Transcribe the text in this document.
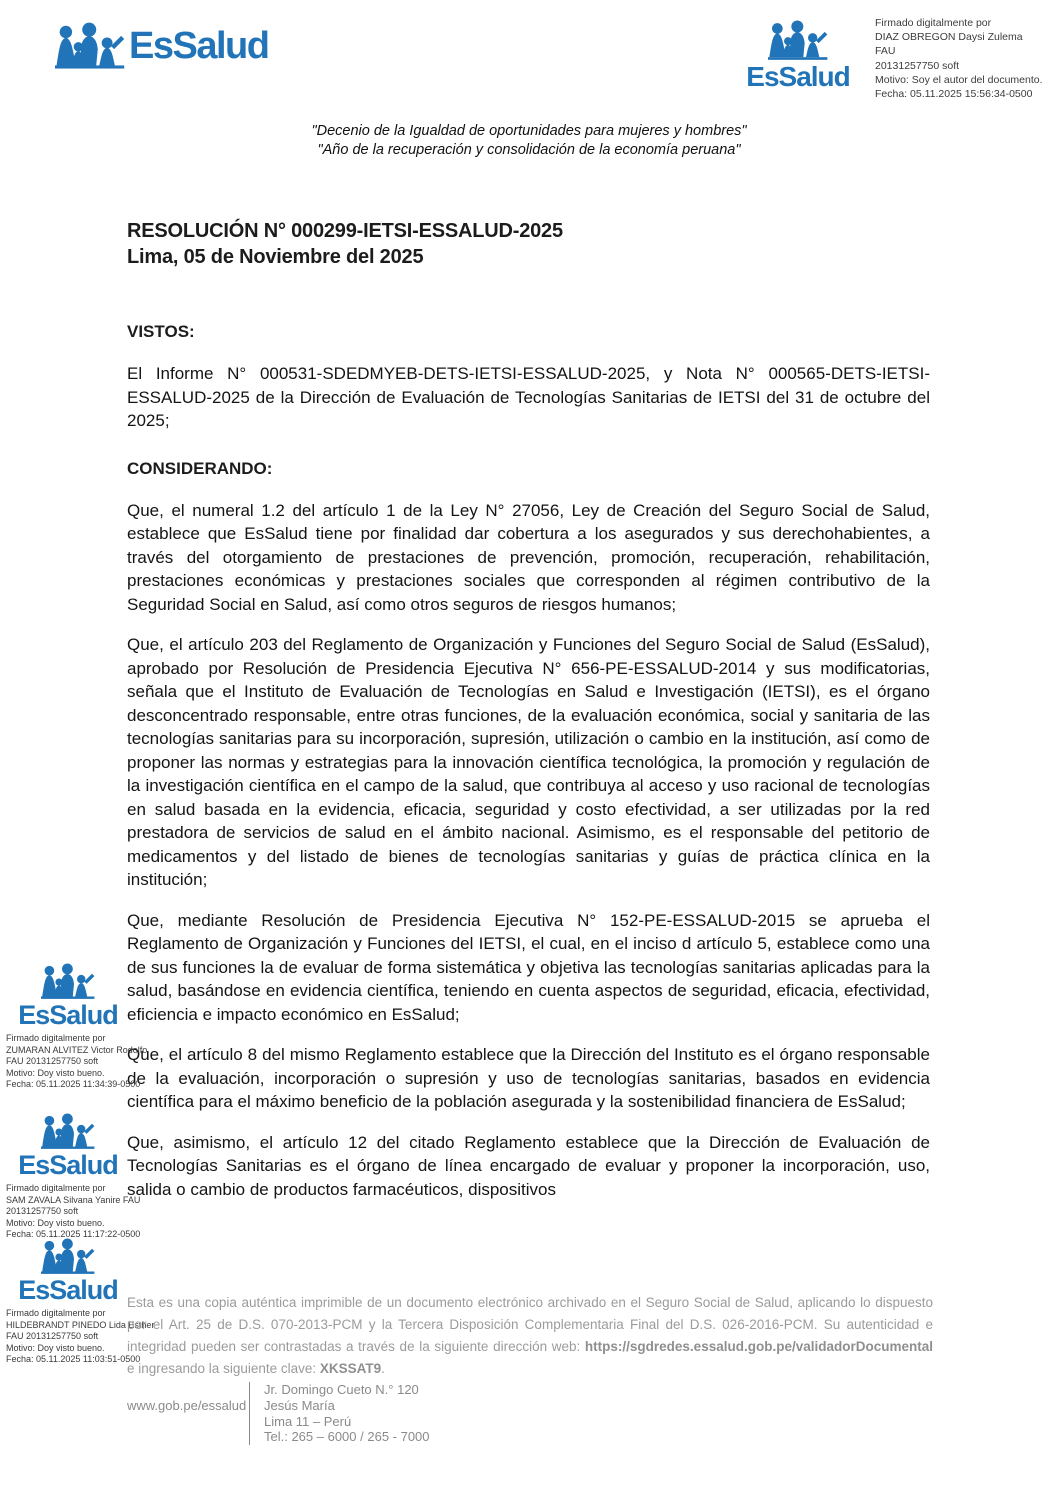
EsSalud
EsSalud
Firmado digitalmente por
DIAZ OBREGON Daysi Zulema FAU
20131257750 soft
Motivo: Soy el autor del documento.
Fecha: 05.11.2025 15:56:34-0500
"Decenio de la Igualdad de oportunidades para mujeres y hombres"
"Año de la recuperación y consolidación de la economía peruana"
RESOLUCIÓN N° 000299-IETSI-ESSALUD-2025
Lima, 05 de Noviembre del 2025
VISTOS:
El Informe N° 000531-SDEDMYEB-DETS-IETSI-ESSALUD-2025, y Nota N° 000565-DETS-IETSI-ESSALUD-2025 de la Dirección de Evaluación de Tecnologías Sanitarias de IETSI del 31 de octubre del 2025;
CONSIDERANDO:
Que, el numeral 1.2 del artículo 1 de la Ley N° 27056, Ley de Creación del Seguro Social de Salud, establece que EsSalud tiene por finalidad dar cobertura a los asegurados y sus derechohabientes, a través del otorgamiento de prestaciones de prevención, promoción, recuperación, rehabilitación, prestaciones económicas y prestaciones sociales que corresponden al régimen contributivo de la Seguridad Social en Salud, así como otros seguros de riesgos humanos;
Que, el artículo 203 del Reglamento de Organización y Funciones del Seguro Social de Salud (EsSalud), aprobado por Resolución de Presidencia Ejecutiva N° 656-PE-ESSALUD-2014 y sus modificatorias, señala que el Instituto de Evaluación de Tecnologías en Salud e Investigación (IETSI), es el órgano desconcentrado responsable, entre otras funciones, de la evaluación económica, social y sanitaria de las tecnologías sanitarias para su incorporación, supresión, utilización o cambio en la institución, así como de proponer las normas y estrategias para la innovación científica tecnológica, la promoción y regulación de la investigación científica en el campo de la salud, que contribuya al acceso y uso racional de tecnologías en salud basada en la evidencia, eficacia, seguridad y costo efectividad, a ser utilizadas por la red prestadora de servicios de salud en el ámbito nacional. Asimismo, es el responsable del petitorio de medicamentos y del listado de bienes de tecnologías sanitarias y guías de práctica clínica en la institución;
Que, mediante Resolución de Presidencia Ejecutiva N° 152-PE-ESSALUD-2015 se aprueba el Reglamento de Organización y Funciones del IETSI, el cual, en el inciso d artículo 5, establece como una de sus funciones la de evaluar de forma sistemática y objetiva las tecnologías sanitarias aplicadas para la salud, basándose en evidencia científica, teniendo en cuenta aspectos de seguridad, eficacia, efectividad, eficiencia e impacto económico en EsSalud;
Que, el artículo 8 del mismo Reglamento establece que la Dirección del Instituto es el órgano responsable de la evaluación, incorporación o supresión y uso de tecnologías sanitarias, basados en evidencia científica para el máximo beneficio de la población asegurada y la sostenibilidad financiera de EsSalud;
Que, asimismo, el artículo 12 del citado Reglamento establece que la Dirección de Evaluación de Tecnologías Sanitarias es el órgano de línea encargado de evaluar y proponer la incorporación, uso, salida o cambio de productos farmacéuticos, dispositivos
EsSalud
Firmado digitalmente por
ZUMARAN ALVITEZ Victor Rodolfo
FAU 20131257750 soft
Motivo: Doy visto bueno.
Fecha: 05.11.2025 11:34:39-0500
EsSalud
Firmado digitalmente por
SAM ZAVALA Silvana Yanire FAU
20131257750 soft
Motivo: Doy visto bueno.
Fecha: 05.11.2025 11:17:22-0500
EsSalud
Firmado digitalmente por
HILDEBRANDT PINEDO Lida Esther
FAU 20131257750 soft
Motivo: Doy visto bueno.
Fecha: 05.11.2025 11:03:51-0500
Esta es una copia auténtica imprimible de un documento electrónico archivado en el Seguro Social de Salud, aplicando lo dispuesto por el Art. 25 de D.S. 070-2013-PCM y la Tercera Disposición Complementaria Final del D.S. 026-2016-PCM. Su autenticidad e integridad pueden ser contrastadas a través de la siguiente dirección web: https://sgdredes.essalud.gob.pe/validadorDocumental e ingresando la siguiente clave: XKSSAT9.
www.gob.pe/essalud
Jr. Domingo Cueto N.° 120
Jesús María
Lima 11 – Perú
Tel.: 265 – 6000 / 265 - 7000
